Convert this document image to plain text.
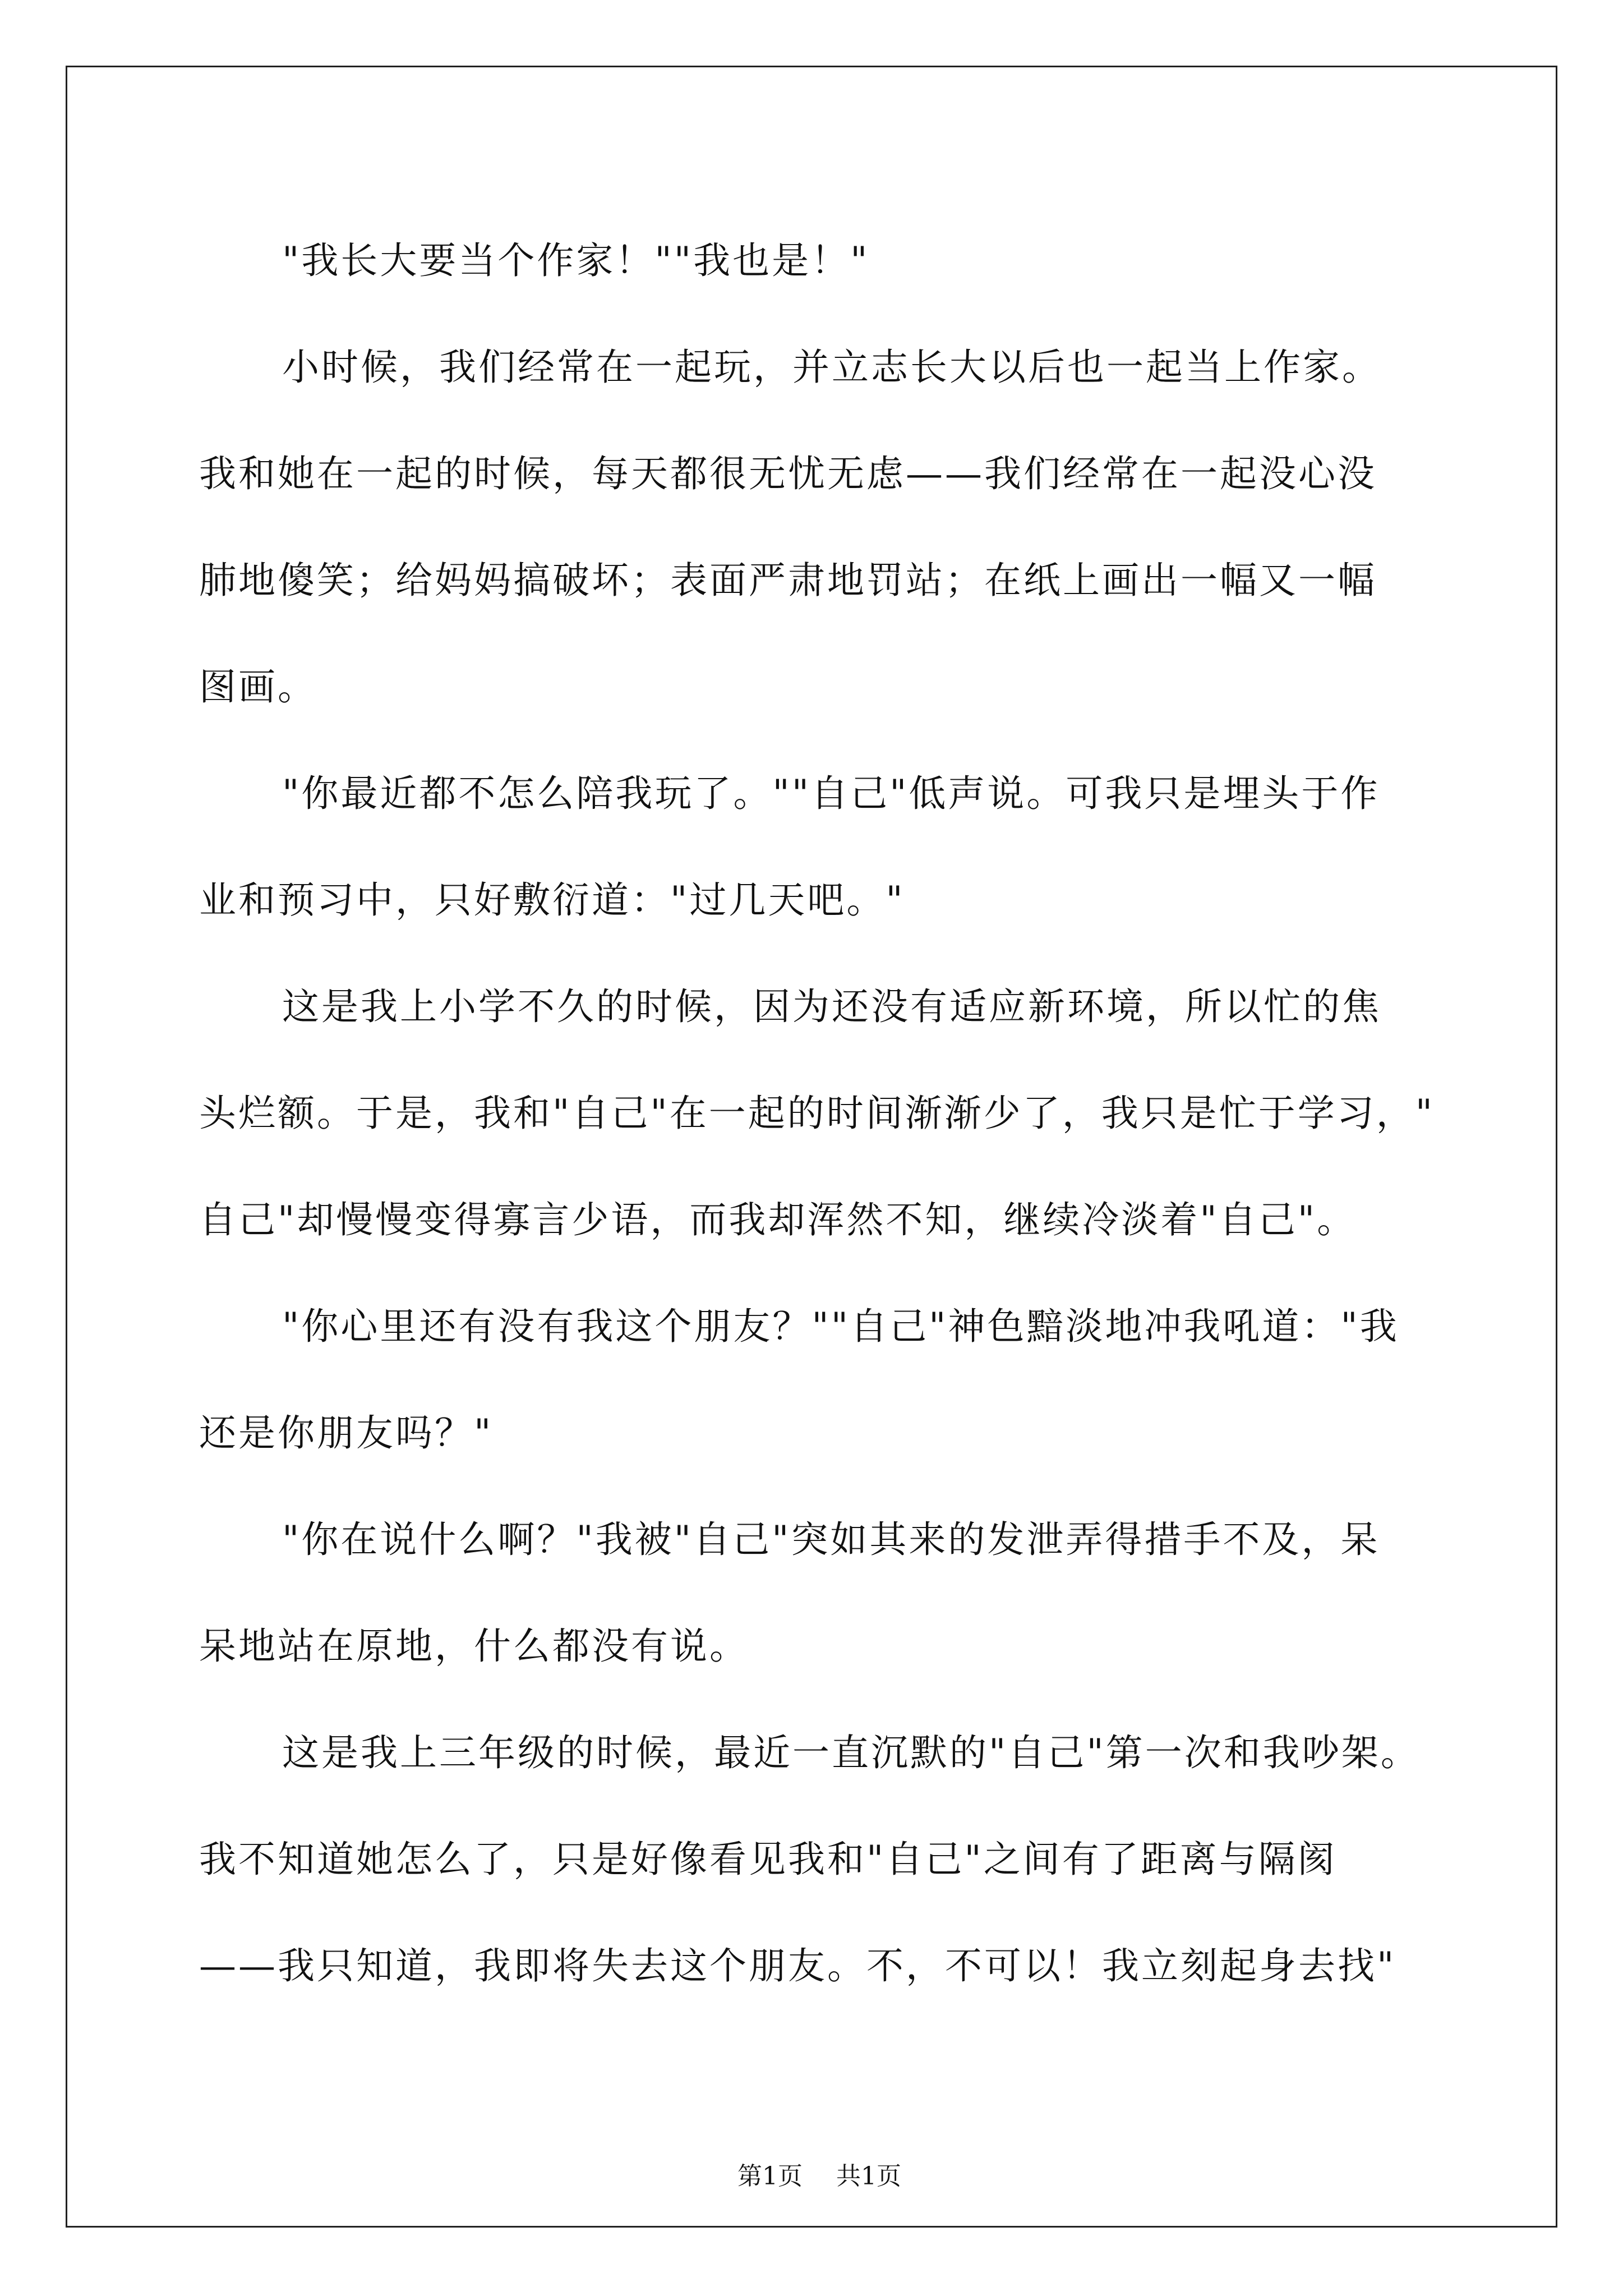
"我长大要当个作家！""我也是！"
小时候，我们经常在一起玩，并立志长大以后也一起当上作家。
我和她在一起的时候，每天都很无忧无虑——我们经常在一起没心没
肺地傻笑；给妈妈搞破坏；表面严肃地罚站；在纸上画出一幅又一幅
图画。
"你最近都不怎么陪我玩了。""自己"低声说。可我只是埋头于作
业和预习中，只好敷衍道："过几天吧。"
这是我上小学不久的时候，因为还没有适应新环境，所以忙的焦
头烂额。于是，我和"自己"在一起的时间渐渐少了，我只是忙于学习，"
自己"却慢慢变得寡言少语，而我却浑然不知，继续冷淡着"自己"。
"你心里还有没有我这个朋友？""自己"神色黯淡地冲我吼道："我
还是你朋友吗？"
"你在说什么啊？"我被"自己"突如其来的发泄弄得措手不及，呆
呆地站在原地，什么都没有说。
这是我上三年级的时候，最近一直沉默的"自己"第一次和我吵架。
我不知道她怎么了，只是好像看见我和"自己"之间有了距离与隔阂
——我只知道，我即将失去这个朋友。不，不可以！我立刻起身去找"

第1页 共1页
